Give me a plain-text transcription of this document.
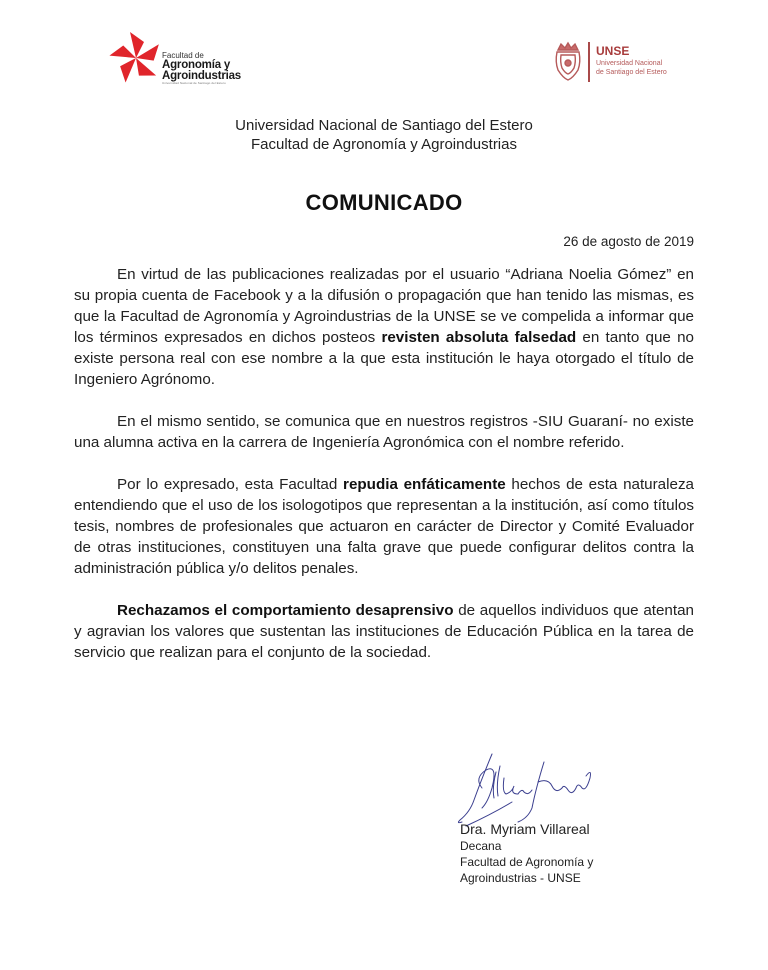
Facultad de
Agronomía y
Agroindustrias
Universidad Nacional de Santiago del Estero
UNSE
Universidad Nacional
de Santiago del Estero
Universidad Nacional de Santiago del Estero
Facultad de Agronomía y Agroindustrias
COMUNICADO
26 de agosto de 2019

En virtud de las publicaciones realizadas por el usuario “Adriana Noelia Gómez” en su propia cuenta de Facebook y a la difusión o propagación que han tenido las mismas, es que la Facultad de Agronomía y Agroindustrias de la UNSE se ve compelida a informar que los términos expresados en dichos posteos revisten absoluta falsedad en tanto que no existe persona real con ese nombre a la que esta institución le haya otorgado el título de Ingeniero Agrónomo.

En el mismo sentido, se comunica que en nuestros registros -SIU Guaraní- no existe una alumna activa en la carrera de Ingeniería Agronómica con el nombre referido.

Por lo expresado, esta Facultad repudia enfáticamente hechos de esta naturaleza entendiendo que el uso de los isologotipos que representan a la institución, así como títulos tesis, nombres de profesionales que actuaron en carácter de Director y Comité Evaluador de otras instituciones, constituyen una falta grave que puede configurar delitos contra la administración pública y/o delitos penales.

Rechazamos el comportamiento desaprensivo de aquellos individuos que atentan y agravian los valores que sustentan las instituciones de Educación Pública en la tarea de servicio que realizan para el conjunto de la sociedad.

Dra. Myriam Villareal
Decana
Facultad de Agronomía y
Agroindustrias - UNSE
